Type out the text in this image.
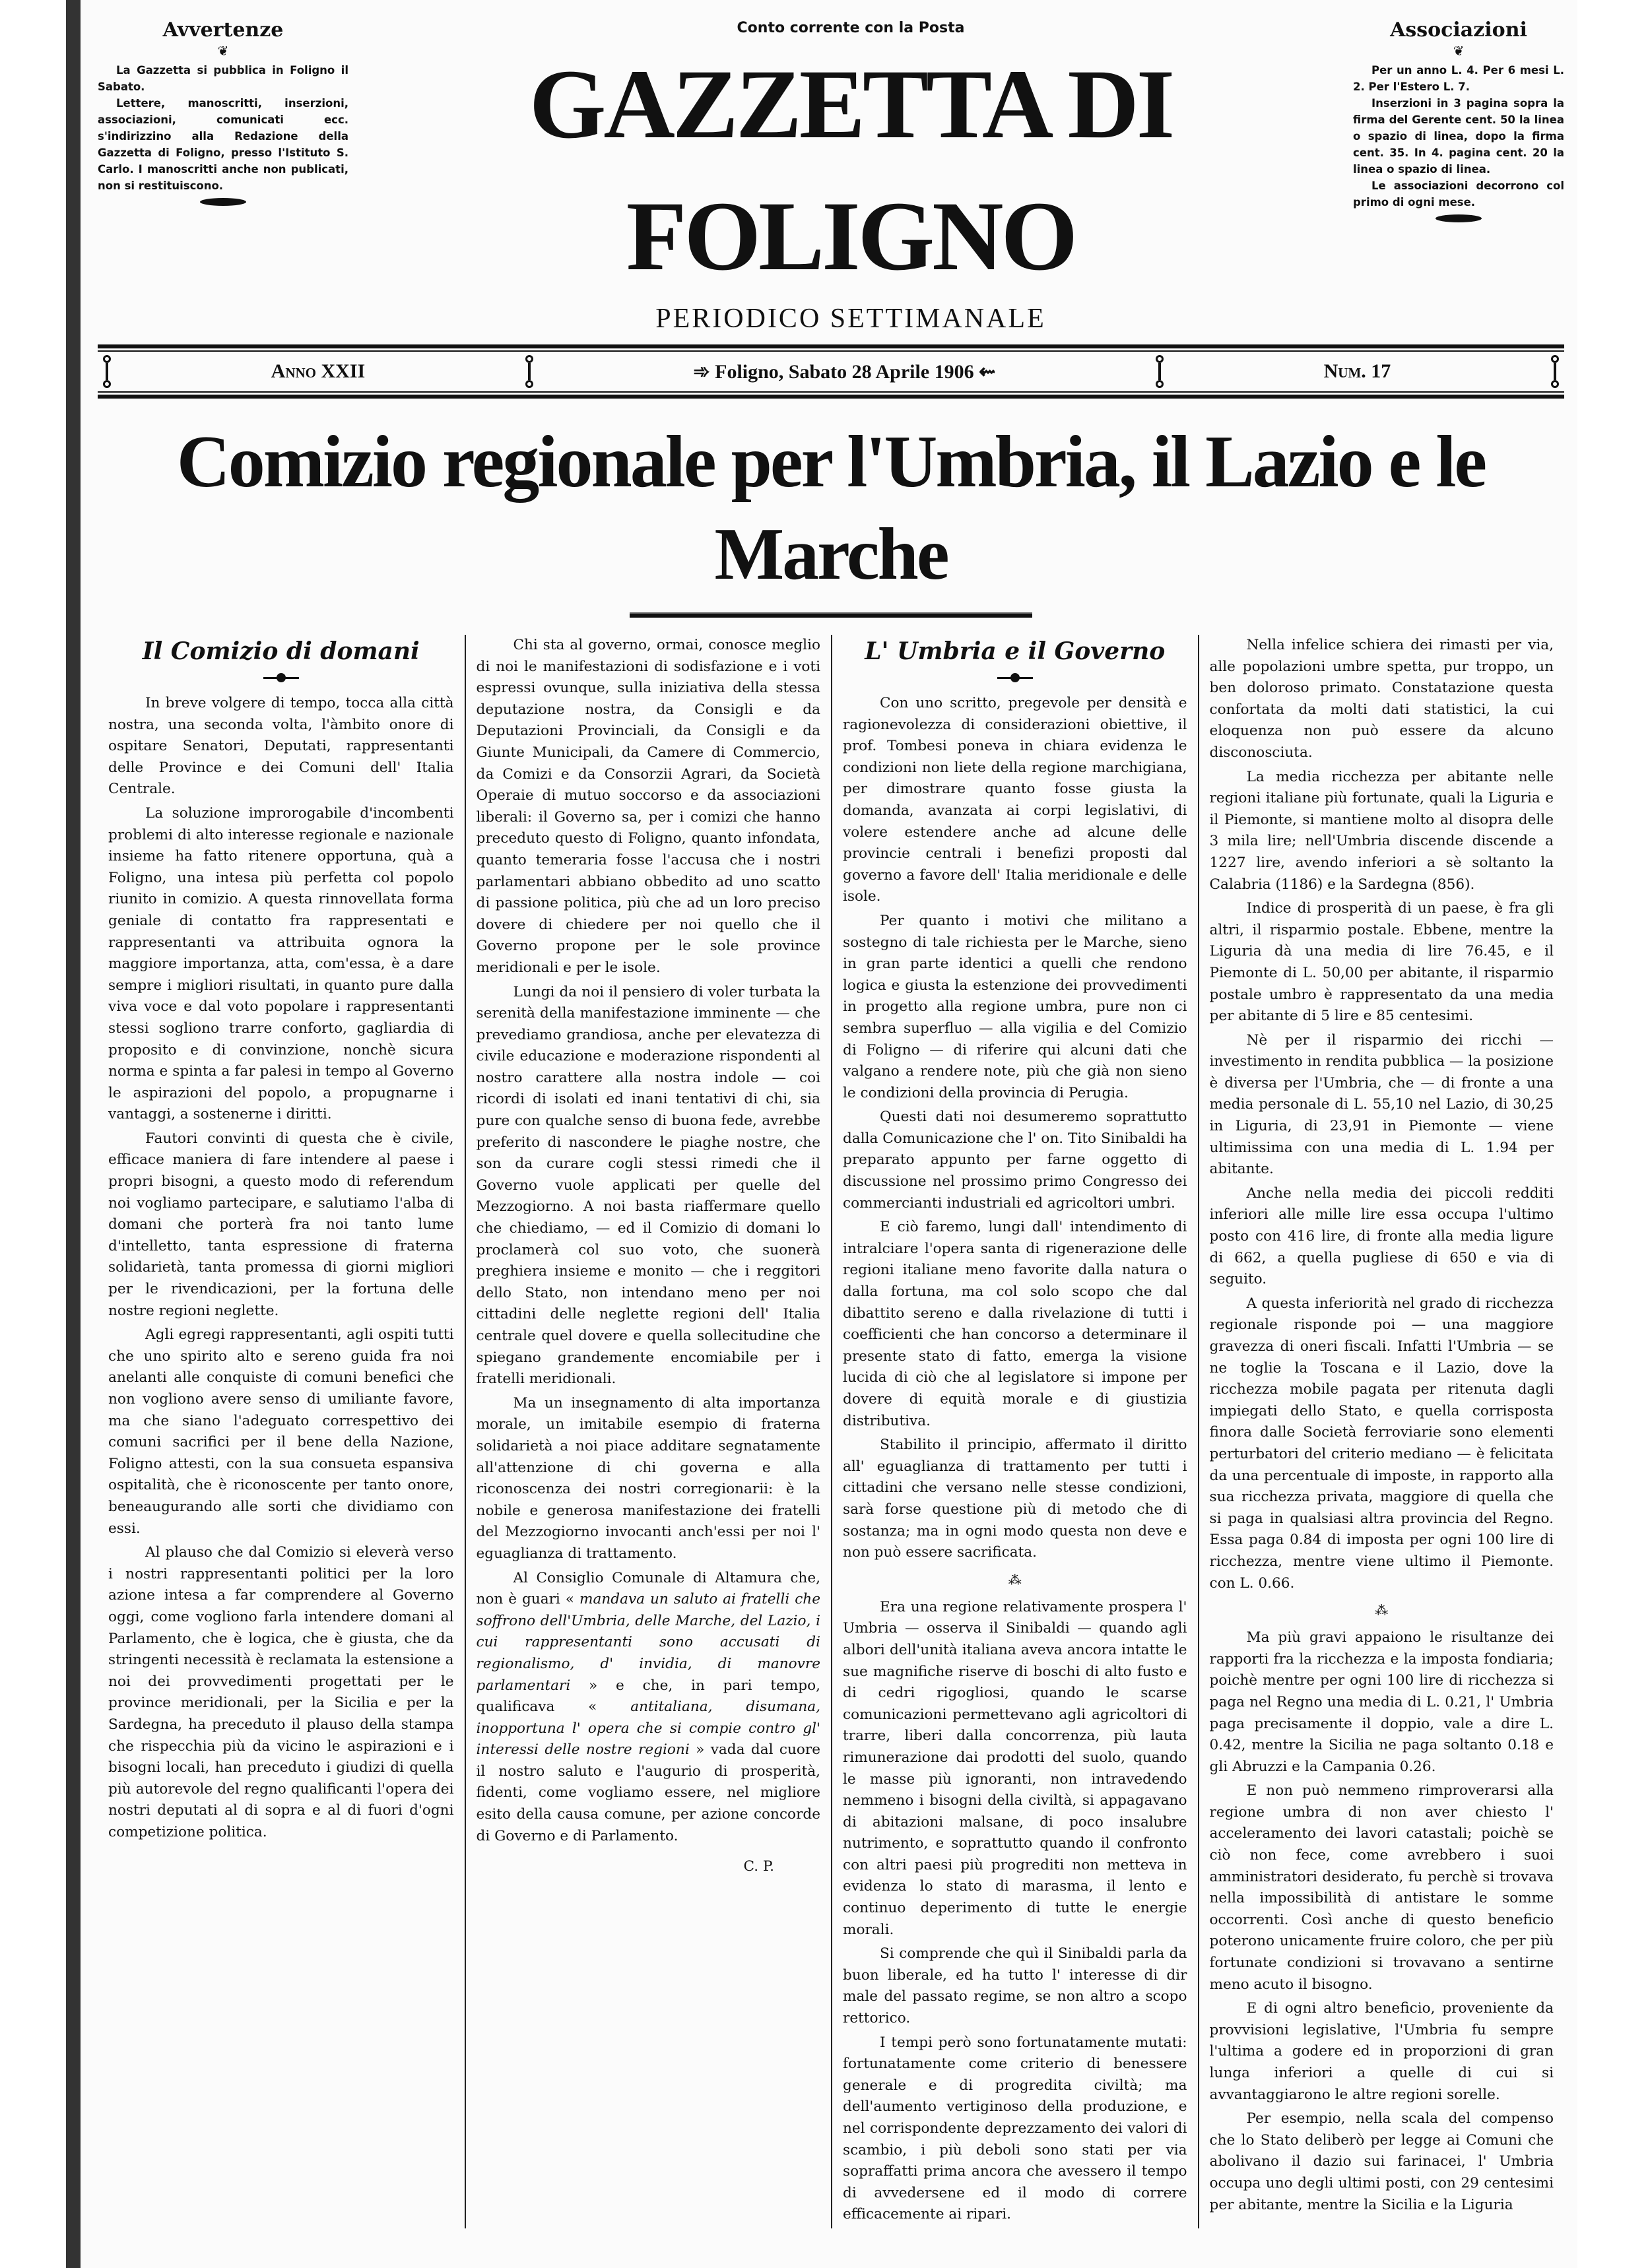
Avvertenze
❦

La Gazzetta si pubblica in Foligno il Sabato.

Lettere, manoscritti, inserzioni, associazioni, comunicati ecc. s'indirizzino alla Redazione della Gazzetta di Foligno, presso l'Istituto S. Carlo. I manoscritti anche non publicati, non si restituiscono.

Conto corrente con la Posta
GAZZETTA DI FOLIGNO
PERIODICO SETTIMANALE
Associazioni
❦

Per un anno L. 4. Per 6 mesi L. 2. Per l'Estero L. 7.

Inserzioni in 3 pagina sopra la firma del Gerente cent. 50 la linea o spazio di linea, dopo la firma cent. 35. In 4. pagina cent. 20 la linea o spazio di linea.

Le associazioni decorrono col primo di ogni mese.

Anno XXII	➾ Foligno, Sabato 28 Aprile 1906 ⇜	Num. 17
Comizio regionale per l'Umbria, il Lazio e le Marche

Il Comizio di domani

In breve volgere di tempo, tocca alla città nostra, una seconda volta, l'àmbito onore di ospitare Senatori, Deputati, rappresentanti delle Province e dei Comuni dell' Italia Centrale.

La soluzione improrogabile d'incombenti problemi di alto interesse regionale e nazionale insieme ha fatto ritenere opportuna, quà a Foligno, una intesa più perfetta col popolo riunito in comizio. A questa rinnovellata forma geniale di contatto fra rappresentati e rappresentanti va attribuita ognora la maggiore importanza, atta, com'essa, è a dare sempre i migliori risultati, in quanto pure dalla viva voce e dal voto popolare i rappresentanti stessi sogliono trarre conforto, gagliardia di proposito e di convinzione, nonchè sicura norma e spinta a far palesi in tempo al Governo le aspirazioni del popolo, a propugnarne i vantaggi, a sostenerne i diritti.

Fautori convinti di questa che è civile, efficace maniera di fare intendere al paese i propri bisogni, a questo modo di referendum noi vogliamo partecipare, e salutiamo l'alba di domani che porterà fra noi tanto lume d'intelletto, tanta espressione di fraterna solidarietà, tanta promessa di giorni migliori per le rivendicazioni, per la fortuna delle nostre regioni neglette.

Agli egregi rappresentanti, agli ospiti tutti che uno spirito alto e sereno guida fra noi anelanti alle conquiste di comuni benefici che non vogliono avere senso di umiliante favore, ma che siano l'adeguato correspettivo dei comuni sacrifici per il bene della Nazione, Foligno attesti, con la sua consueta espansiva ospitalità, che è riconoscente per tanto onore, beneaugurando alle sorti che dividiamo con essi.

Al plauso che dal Comizio si eleverà verso i nostri rappresentanti politici per la loro azione intesa a far comprendere al Governo oggi, come vogliono farla intendere domani al Parlamento, che è logica, che è giusta, che da stringenti necessità è reclamata la estensione a noi dei provvedimenti progettati per le province meridionali, per la Sicilia e per la Sardegna, ha preceduto il plauso della stampa che rispecchia più da vicino le aspirazioni e i bisogni locali, han preceduto i giudizi di quella più autorevole del regno qualificanti l'opera dei nostri deputati al di sopra e al di fuori d'ogni competizione politica.

Chi sta al governo, ormai, conosce meglio di noi le manifestazioni di sodisfazione e i voti espressi ovunque, sulla iniziativa della stessa deputazione nostra, da Consigli e da Deputazioni Provinciali, da Consigli e da Giunte Municipali, da Camere di Commercio, da Comizi e da Consorzii Agrari, da Società Operaie di mutuo soccorso e da associazioni liberali: il Governo sa, per i comizi che hanno preceduto questo di Foligno, quanto infondata, quanto temeraria fosse l'accusa che i nostri parlamentari abbiano obbedito ad uno scatto di passione politica, più che ad un loro preciso dovere di chiedere per noi quello che il Governo propone per le sole province meridionali e per le isole.

Lungi da noi il pensiero di voler turbata la serenità della manifestazione imminente — che prevediamo grandiosa, anche per elevatezza di civile educazione e moderazione rispondenti al nostro carattere alla nostra indole — coi ricordi di isolati ed inani tentativi di chi, sia pure con qualche senso di buona fede, avrebbe preferito di nascondere le piaghe nostre, che son da curare cogli stessi rimedi che il Governo vuole applicati per quelle del Mezzogiorno. A noi basta riaffermare quello che chiediamo, — ed il Comizio di domani lo proclamerà col suo voto, che suonerà preghiera insieme e monito — che i reggitori dello Stato, non intendano meno per noi cittadini delle neglette regioni dell' Italia centrale quel dovere e quella sollecitudine che spiegano grandemente encomiabile per i fratelli meridionali.

Ma un insegnamento di alta importanza morale, un imitabile esempio di fraterna solidarietà a noi piace additare segnatamente all'attenzione di chi governa e alla riconoscenza dei nostri corregionarii: è la nobile e generosa manifestazione dei fratelli del Mezzogiorno invocanti anch'essi per noi l' eguaglianza di trattamento.

Al Consiglio Comunale di Altamura che, non è guari « mandava un saluto ai fratelli che soffrono dell'Umbria, delle Marche, del Lazio, i cui rappresentanti sono accusati di regionalismo, d' invidia, di manovre parlamentari » e che, in pari tempo, qualificava « antitaliana, disumana, inopportuna l' opera che si compie contro gl' interessi delle nostre regioni » vada dal cuore il nostro saluto e l'augurio di prosperità, fidenti, come vogliamo essere, nel migliore esito della causa comune, per azione concorde di Governo e di Parlamento.

C. P.

L' Umbria e il Governo

Con uno scritto, pregevole per densità e ragionevolezza di considerazioni obiettive, il prof. Tombesi poneva in chiara evidenza le condizioni non liete della regione marchigiana, per dimostrare quanto fosse giusta la domanda, avanzata ai corpi legislativi, di volere estendere anche ad alcune delle provincie centrali i benefizi proposti dal governo a favore dell' Italia meridionale e delle isole.

Per quanto i motivi che militano a sostegno di tale richiesta per le Marche, sieno in gran parte identici a quelli che rendono logica e giusta la estenzione dei provvedimenti in progetto alla regione umbra, pure non ci sembra superfluo — alla vigilia e del Comizio di Foligno — di riferire qui alcuni dati che valgano a rendere note, più che già non sieno le condizioni della provincia di Perugia.

Questi dati noi desumeremo soprattutto dalla Comunicazione che l' on. Tito Sinibaldi ha preparato appunto per farne oggetto di discussione nel prossimo primo Congresso dei commercianti industriali ed agricoltori umbri.

E ciò faremo, lungi dall' intendimento di intralciare l'opera santa di rigenerazione delle regioni italiane meno favorite dalla natura o dalla fortuna, ma col solo scopo che dal dibattito sereno e dalla rivelazione di tutti i coefficienti che han concorso a determinare il presente stato di fatto, emerga la visione lucida di ciò che al legislatore si impone per dovere di equità morale e di giustizia distributiva.

Stabilito il principio, affermato il diritto all' eguaglianza di trattamento per tutti i cittadini che versano nelle stesse condizioni, sarà forse questione più di metodo che di sostanza; ma in ogni modo questa non deve e non può essere sacrificata.

⁂

Era una regione relativamente prospera l' Umbria — osserva il Sinibaldi — quando agli albori dell'unità italiana aveva ancora intatte le sue magnifiche riserve di boschi di alto fusto e di cedri rigogliosi, quando le scarse comunicazioni permettevano agli agricoltori di trarre, liberi dalla concorrenza, più lauta rimunerazione dai prodotti del suolo, quando le masse più ignoranti, non intravedendo nemmeno i bisogni della civiltà, si appagavano di abitazioni malsane, di poco insalubre nutrimento, e soprattutto quando il confronto con altri paesi più progrediti non metteva in evidenza lo stato di marasma, il lento e continuo deperimento di tutte le energie morali.

Si comprende che quì il Sinibaldi parla da buon liberale, ed ha tutto l' interesse di dir male del passato regime, se non altro a scopo rettorico.

I tempi però sono fortunatamente mutati: fortunatamente come criterio di benessere generale e di progredita civiltà; ma dell'aumento vertiginoso della produzione, e nel corrispondente deprezzamento dei valori di scambio, i più deboli sono stati per via sopraffatti prima ancora che avessero il tempo di avvedersene ed il modo di correre efficacemente ai ripari.

Nella infelice schiera dei rimasti per via, alle popolazioni umbre spetta, pur troppo, un ben doloroso primato. Constatazione questa confortata da molti dati statistici, la cui eloquenza non può essere da alcuno disconosciuta.

La media ricchezza per abitante nelle regioni italiane più fortunate, quali la Liguria e il Piemonte, si mantiene molto al disopra delle 3 mila lire; nell'Umbria discende discende a 1227 lire, avendo inferiori a sè soltanto la Calabria (1186) e la Sardegna (856).

Indice di prosperità di un paese, è fra gli altri, il risparmio postale. Ebbene, mentre la Liguria dà una media di lire 76.45, e il Piemonte di L. 50,00 per abitante, il risparmio postale umbro è rappresentato da una media per abitante di 5 lire e 85 centesimi.

Nè per il risparmio dei ricchi — investimento in rendita pubblica — la posizione è diversa per l'Umbria, che — di fronte a una media personale di L. 55,10 nel Lazio, di 30,25 in Liguria, di 23,91 in Piemonte — viene ultimissima con una media di L. 1.94 per abitante.

Anche nella media dei piccoli redditi inferiori alle mille lire essa occupa l'ultimo posto con 416 lire, di fronte alla media ligure di 662, a quella pugliese di 650 e via di seguito.

A questa inferiorità nel grado di ricchezza regionale risponde poi — una maggiore gravezza di oneri fiscali. Infatti l'Umbria — se ne toglie la Toscana e il Lazio, dove la ricchezza mobile pagata per ritenuta dagli impiegati dello Stato, e quella corrisposta finora dalle Società ferroviarie sono elementi perturbatori del criterio mediano — è felicitata da una percentuale di imposte, in rapporto alla sua ricchezza privata, maggiore di quella che si paga in qualsiasi altra provincia del Regno. Essa paga 0.84 di imposta per ogni 100 lire di ricchezza, mentre viene ultimo il Piemonte. con L. 0.66.

⁂

Ma più gravi appaiono le risultanze dei rapporti fra la ricchezza e la imposta fondiaria; poichè mentre per ogni 100 lire di ricchezza si paga nel Regno una media di L. 0.21, l' Umbria paga precisamente il doppio, vale a dire L. 0.42, mentre la Sicilia ne paga soltanto 0.18 e gli Abruzzi e la Campania 0.26.

E non può nemmeno rimproverarsi alla regione umbra di non aver chiesto l' acceleramento dei lavori catastali; poichè se ciò non fece, come avrebbero i suoi amministratori desiderato, fu perchè si trovava nella impossibilità di antistare le somme occorrenti. Così anche di questo beneficio poterono unicamente fruire coloro, che per più fortunate condizioni si trovavano a sentirne meno acuto il bisogno.

E di ogni altro beneficio, proveniente da provvisioni legislative, l'Umbria fu sempre l'ultima a godere ed in proporzioni di gran lunga inferiori a quelle di cui si avvantaggiarono le altre regioni sorelle.

Per esempio, nella scala del compenso che lo Stato deliberò per legge ai Comuni che abolivano il dazio sui farinacei, l' Umbria occupa uno degli ultimi posti, con 29 centesimi per abitante, mentre la Sicilia e la Liguria
